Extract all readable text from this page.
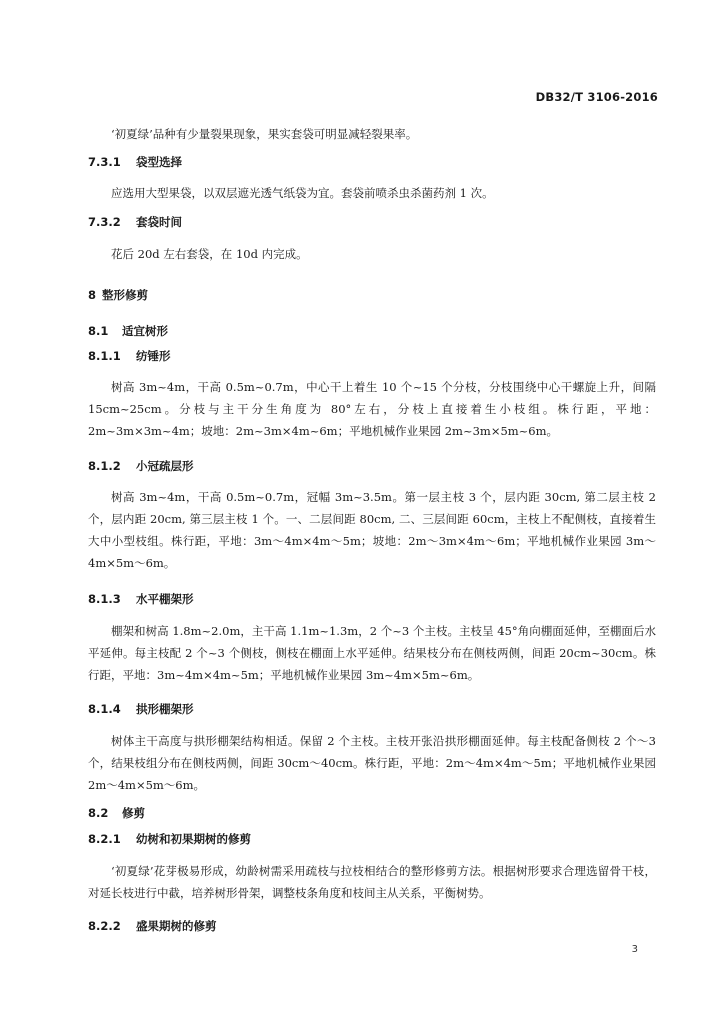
DB32/T 3106-2016
‘初夏绿’品种有少量裂果现象，果实套袋可明显减轻裂果率。
7.3.1 袋型选择
应选用大型果袋，以双层遮光透气纸袋为宜。套袋前喷杀虫杀菌药剂 1 次。
7.3.2 套袋时间
花后 20d 左右套袋，在 10d 内完成。
8 整形修剪
8.1 适宜树形
8.1.1 纺锤形
树高 3m~4m，干高 0.5m~0.7m，中心干上着生 10 个~15 个分枝，分枝围绕中心干螺旋上升，间隔 15cm~25cm。分枝与主干分生角度为 80°左右，分枝上直接着生小枝组。株行距，平地：2m~3m×3m~4m；坡地：2m~3m×4m~6m；平地机械作业果园 2m~3m×5m~6m。
8.1.2 小冠疏层形
树高 3m~4m，干高 0.5m~0.7m，冠幅 3m~3.5m。第一层主枝 3 个，层内距 30cm, 第二层主枝 2 个，层内距 20cm, 第三层主枝 1 个。一、二层间距 80cm, 二、三层间距 60cm，主枝上不配侧枝，直接着生大中小型枝组。株行距，平地：3m～4m×4m～5m；坡地：2m～3m×4m～6m；平地机械作业果园 3m～4m×5m～6m。
8.1.3 水平棚架形
棚架和树高 1.8m~2.0m，主干高 1.1m~1.3m，2 个~3 个主枝。主枝呈 45°角向棚面延伸，至棚面后水平延伸。每主枝配 2 个~3 个侧枝，侧枝在棚面上水平延伸。结果枝分布在侧枝两侧，间距 20cm~30cm。株行距，平地：3m~4m×4m~5m；平地机械作业果园 3m~4m×5m~6m。
8.1.4 拱形棚架形
树体主干高度与拱形棚架结构相适。保留 2 个主枝。主枝开张沿拱形棚面延伸。每主枝配备侧枝 2 个～3 个，结果枝组分布在侧枝两侧，间距 30cm～40cm。株行距，平地：2m～4m×4m～5m；平地机械作业果园 2m～4m×5m～6m。
8.2 修剪
8.2.1 幼树和初果期树的修剪
‘初夏绿’花芽极易形成，幼龄树需采用疏枝与拉枝相结合的整形修剪方法。根据树形要求合理选留骨干枝，对延长枝进行中截，培养树形骨架，调整枝条角度和枝间主从关系，平衡树势。
8.2.2 盛果期树的修剪
3
